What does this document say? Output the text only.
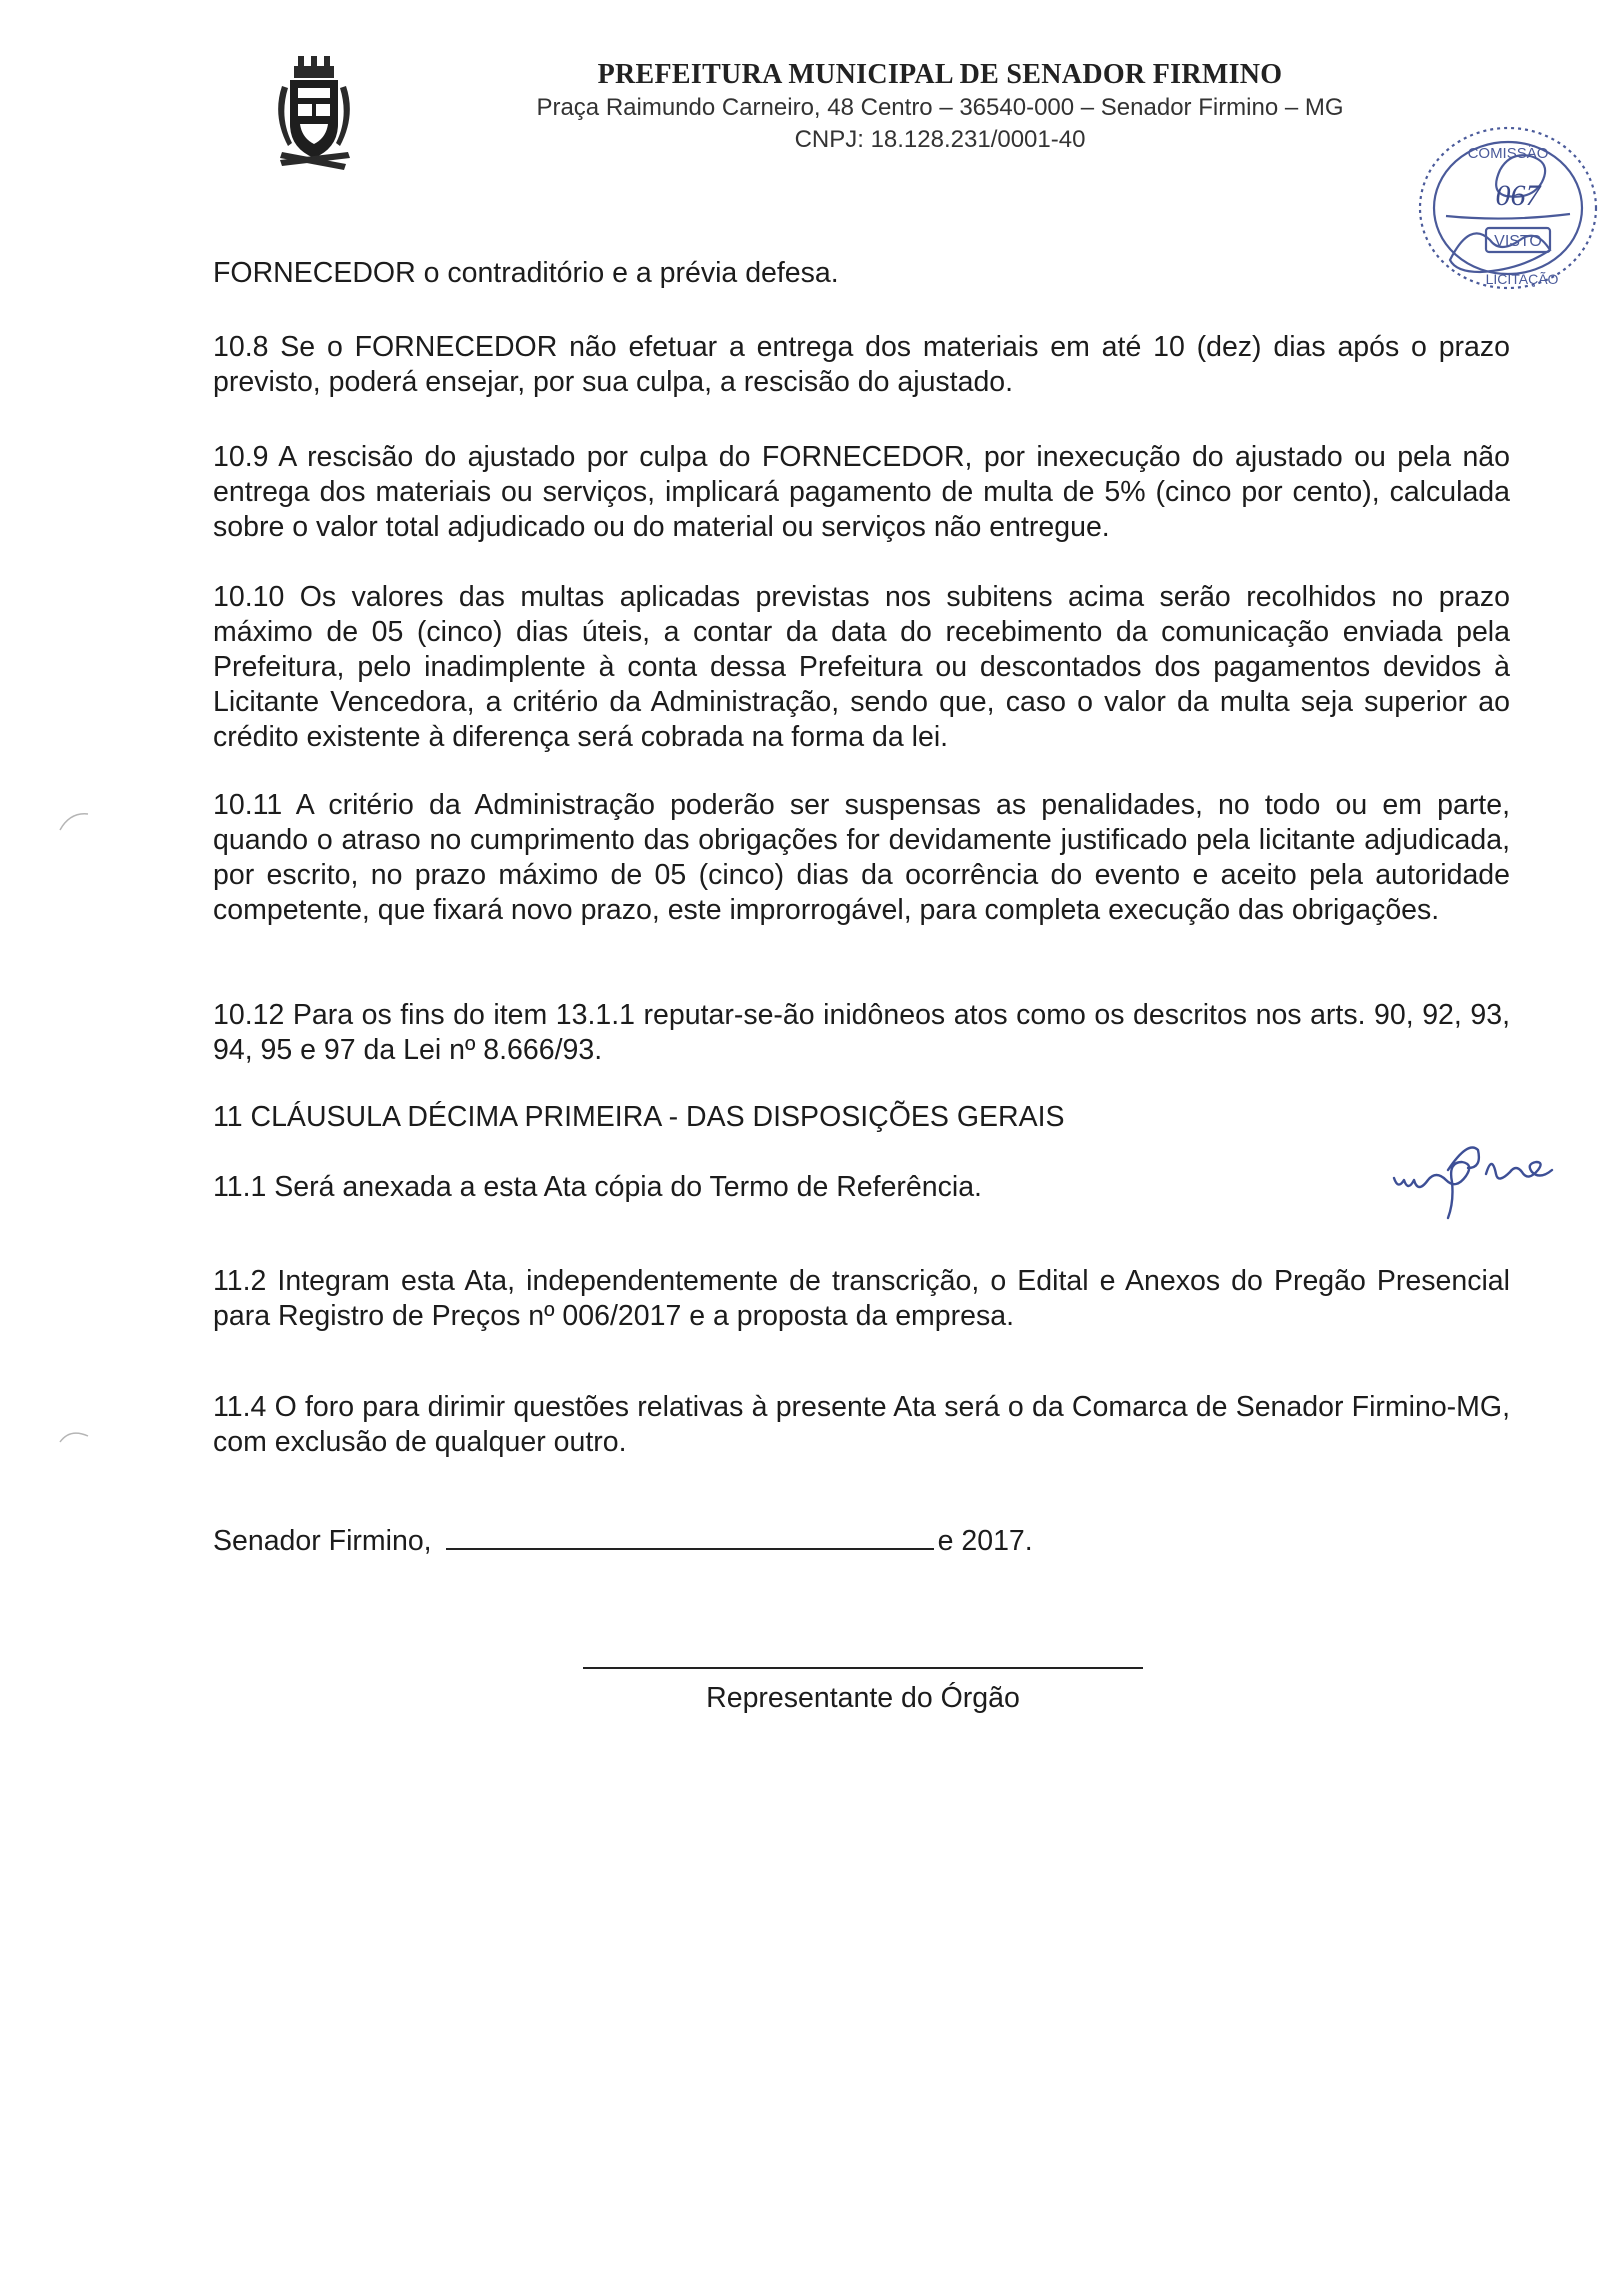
PREFEITURA MUNICIPAL DE SENADOR FIRMINO
Praça Raimundo Carneiro, 48 Centro – 36540-000 – Senador Firmino – MG
CNPJ: 18.128.231/0001-40
COMISSÃO
067
VISTO
LICITAÇÃO

FORNECEDOR o contraditório e a prévia defesa.

10.8 Se o FORNECEDOR não efetuar a entrega dos materiais em até 10 (dez) dias após o prazo previsto, poderá ensejar, por sua culpa, a rescisão do ajustado.

10.9 A rescisão do ajustado por culpa do FORNECEDOR, por inexecução do ajustado ou pela não entrega dos materiais ou serviços, implicará pagamento de multa de 5% (cinco por cento), calculada sobre o valor total adjudicado ou do material ou serviços não entregue.

10.10 Os valores das multas aplicadas previstas nos subitens acima serão recolhidos no prazo máximo de 05 (cinco) dias úteis, a contar da data do recebimento da comunicação enviada pela Prefeitura, pelo inadimplente à conta dessa Prefeitura ou descontados dos pagamentos devidos à Licitante Vencedora, a critério da Administração, sendo que, caso o valor da multa seja superior ao crédito existente à diferença será cobrada na forma da lei.

10.11 A critério da Administração poderão ser suspensas as penalidades, no todo ou em parte, quando o atraso no cumprimento das obrigações for devidamente justificado pela licitante adjudicada, por escrito, no prazo máximo de 05 (cinco) dias da ocorrência do evento e aceito pela autoridade competente, que fixará novo prazo, este improrrogável, para completa execução das obrigações.

10.12 Para os fins do item 13.1.1 reputar-se-ão inidôneos atos como os descritos nos arts. 90, 92, 93, 94, 95 e 97 da Lei nº 8.666/93.

11 CLÁUSULA DÉCIMA PRIMEIRA - DAS DISPOSIÇÕES GERAIS

11.1 Será anexada a esta Ata cópia do Termo de Referência.

11.2 Integram esta Ata, independentemente de transcrição, o Edital e Anexos do Pregão Presencial para Registro de Preços nº 006/2017 e a proposta da empresa.

11.4 O foro para dirimir questões relativas à presente Ata será o da Comarca de Senador Firmino-MG, com exclusão de qualquer outro.

Senador Firmino,	e 2017.
Representante do Órgão
